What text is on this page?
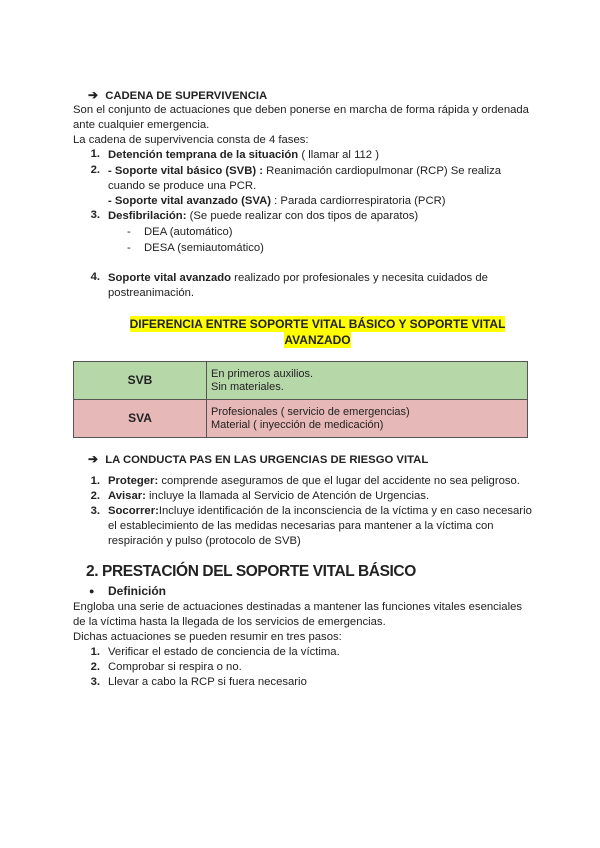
➔ CADENA DE SUPERVIVENCIA
Son el conjunto de actuaciones que deben ponerse en marcha de forma rápida y ordenada
ante cualquier emergencia.
La cadena de supervivencia consta de 4 fases:
1. Detención temprana de la situación ( llamar al 112 )
2. - Soporte vital básico (SVB) : Reanimación cardiopulmonar (RCP) Se realiza
cuando se produce una PCR.
- Soporte vital avanzado (SVA) : Parada cardiorrespiratoria (PCR)
3. Desfibrilación: (Se puede realizar con dos tipos de aparatos)
- DEA (automático)
- DESA (semiautomático)
4. Soporte vital avanzado realizado por profesionales y necesita cuidados de
postreanimación.
DIFERENCIA ENTRE SOPORTE VITAL BÁSICO Y SOPORTE VITAL
AVANZADO
SVB	En primeros auxilios.
Sin materiales.

SVA	Profesionales ( servicio de emergencias)
Material ( inyección de medicación)
➔ LA CONDUCTA PAS EN LAS URGENCIAS DE RIESGO VITAL
1. Proteger: comprende aseguramos de que el lugar del accidente no sea peligroso.
2. Avisar: incluye la llamada al Servicio de Atención de Urgencias.
3. Socorrer:Incluye identificación de la inconsciencia de la víctima y en caso necesario
el establecimiento de las medidas necesarias para mantener a la víctima con
respiración y pulso (protocolo de SVB)
2. PRESTACIÓN DEL SOPORTE VITAL BÁSICO
● Definición
Engloba una serie de actuaciones destinadas a mantener las funciones vitales esenciales
de la víctima hasta la llegada de los servicios de emergencias.
Dichas actuaciones se pueden resumir en tres pasos:
1. Verificar el estado de conciencia de la víctima.
2. Comprobar si respira o no.
3. Llevar a cabo la RCP si fuera necesario
